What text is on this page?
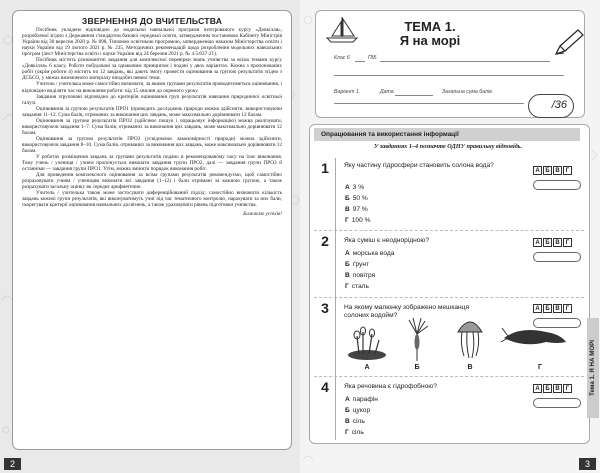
ЗВЕРНЕННЯ ДО ВЧИТЕЛЬСТВА

Посібник укладено відповідно до модельної навчальної програми інтегрованого курсу «Довкілля», розробленої згідно з Державним стандартом базової середньої освіти, затвердженим постановою Кабінету Міністрів України від 30 вересня 2020 р. № 898, Типовою освітньою програмою, затвердженою наказом Міністерства освіти і науки України від 19 лютого 2021 р. № 235, Методичних рекомендацій щодо розроблення модельних навчальних програм (лист Міністерства освіти і науки України від 24 березня 2021 р. № 4.5/637-21).

Посібник містить різноманітні завдання для комплексної перевірки знань учнівства за всіма темами курсу «Довкілля» 6 класу. Роботи побудовані за однаковим принципом і подані у двох варіантах. Кожна з пропонованих робіт (окрім роботи 4) містить по 12 завдань, які дають змогу провести оцінювання за групою результатів згідно з ДСБСО, у межах визначеного матеріалу вподобні певної теми.

Учитель / учителька може самостійно визначати, за якими групами результатів проводитиметься оцінювання, і відповідно виділяти час на виконання роботи: від 15 хвилин до окремого уроку.

Завдання згруповані відповідно до критеріїв оцінювання груп результатів навчання природничої освітньої галузі.

Оцінювання за групою результатів ПРО1 (проводить досліджень природи можна здійснити, використовуючи завдання 11–12. Сума балів, отриманих за виконання цих завдань, може максимально дорівнювати 12 балам.

Оцінювання за групою результатів ПРО2 (здійснює пошук і опрацьовує інформацію) можна реалізувати, використовуючи завдання 1–7. Сума балів, отриманих за виконання цих завдань, може максимально дорівнювати 12 балам.

Оцінювання за групою результатів ПРО3 (усвідомлює закономірності природи) можна здійснити, використовуючи завдання 8–10. Сума балів, отриманих за виконання цих завдань, може максимально дорівнювати 12 балам.

У роботах розміщення завдань за групами результатів подано в рекомендованому часу на їхнє виконання. Тому учень / учениця / учнем пропонується виконати завдання групи ПРО2, далі — завдання групи ПРО3 й останніми — завдання групи ПРО1. Утім, можна змінити порядок виконання робіт.

Для проведення комплексного оцінювання за всіма групами результатів рекомендуємо, щоб самостійно розраховувати учням / ученицям виконати всі завдання (1–12) і бали отримані за кожною групою, а також розрахувати загальну оцінку як середнє арифметичне.

Учитель / учителька також може застосувати диференційований підхід: самостійно визначити кількість завдань кожної групи результатів, які виконуватимуть учні під час тематичного контролю, нарахувати за них бали, скорегувати критерії оцінювання навчальних досягнень, а також ураховувати рівень підготовки учнівства.

Бажаємо успіхів!

2
ТЕМА 1.
Я на морі
Клас 6	ПІБ
Варіант 1.	Дата	Загальна сума балів
/36
Опрацювання та використання інформації
У завданнях 1–4 позначте ОДНУ правильну відповідь.
1	Яку частину гідросфери становить солона вода?
А 3 %
Б 50 %
В 97 %
Г 100 %
А Б В	Г
2	Яка суміш є неоднорідною?
А морська вода
Б ґрунт
В повітря
Г сталь
А Б В	Г
3	На якому малюнку зображено мешканця солоних водойм?
А Б В	Г
А	Б	В	Г
4	Яка речовина є гідрофобною?
А парафін
Б цукор
В сіль
Г сіль
А Б В	Г	Тема 1. Я НА МОРІ
3
